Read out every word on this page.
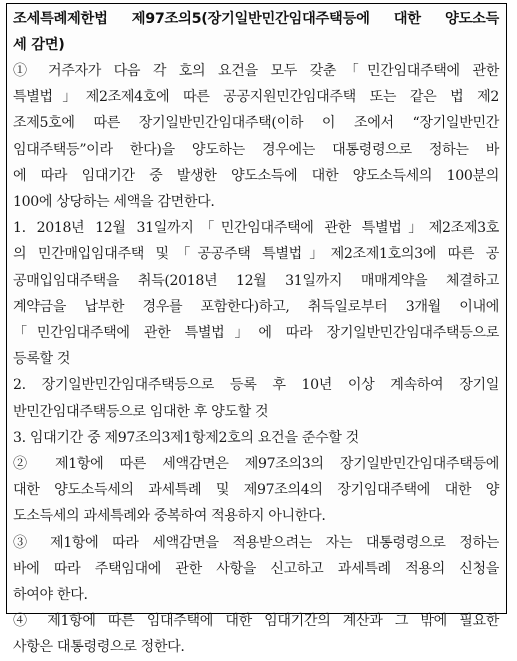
조세특례제한법 제97조의5(장기일반민간임대주택등에 대한 양도소득

세 감면)

① 거주자가 다음 각 호의 요건을 모두 갖춘「민간임대주택에 관한

특별법」제2조제4호에 따른 공공지원민간임대주택 또는 같은 법 제2

조제5호에 따른 장기일반민간임대주택(이하 이 조에서 “장기일반민간

임대주택등”이라 한다)을 양도하는 경우에는 대통령령으로 정하는 바

에 따라 임대기간 중 발생한 양도소득에 대한 양도소득세의 100분의

100에 상당하는 세액을 감면한다.

1. 2018년 12월 31일까지「민간임대주택에 관한 특별법」제2조제3호

의 민간매입임대주택 및「공공주택 특별법」제2조제1호의3에 따른 공

공매입임대주택을 취득(2018년 12월 31일까지 매매계약을 체결하고

계약금을 납부한 경우를 포함한다)하고, 취득일로부터 3개월 이내에

「민간임대주택에 관한 특별법」에 따라 장기일반민간임대주택등으로

등록할 것

2. 장기일반민간임대주택등으로 등록 후 10년 이상 계속하여 장기일

반민간임대주택등으로 임대한 후 양도할 것

3. 임대기간 중 제97조의3제1항제2호의 요건을 준수할 것

② 제1항에 따른 세액감면은 제97조의3의 장기일반민간임대주택등에

대한 양도소득세의 과세특례 및 제97조의4의 장기임대주택에 대한 양

도소득세의 과세특례와 중복하여 적용하지 아니한다.

③ 제1항에 따라 세액감면을 적용받으려는 자는 대통령령으로 정하는

바에 따라 주택임대에 관한 사항을 신고하고 과세특례 적용의 신청을

하여야 한다.

④ 제1항에 따른 임대주택에 대한 임대기간의 계산과 그 밖에 필요한

사항은 대통령령으로 정한다.
